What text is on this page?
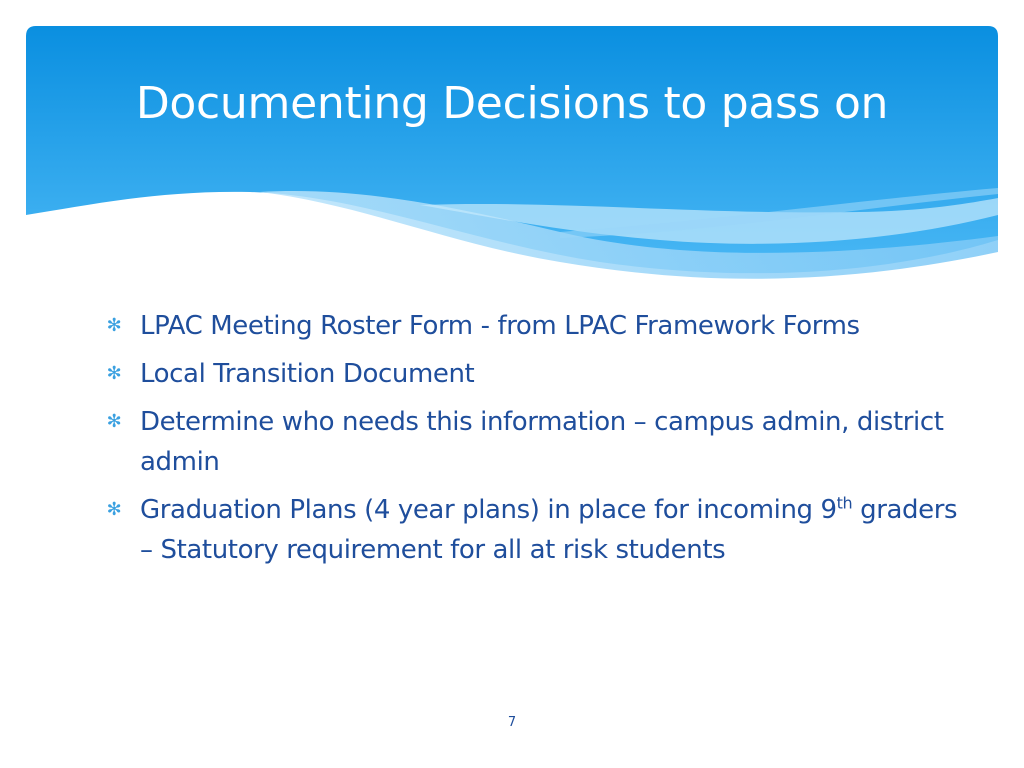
Documenting Decisions to pass on
✻ LPAC Meeting Roster Form - from LPAC Framework Forms
✻ Local Transition Document
✻ Determine who needs this information – campus admin, district admin
✻ Graduation Plans (4 year plans) in place for incoming 9th graders – Statutory requirement for all at risk students
7
